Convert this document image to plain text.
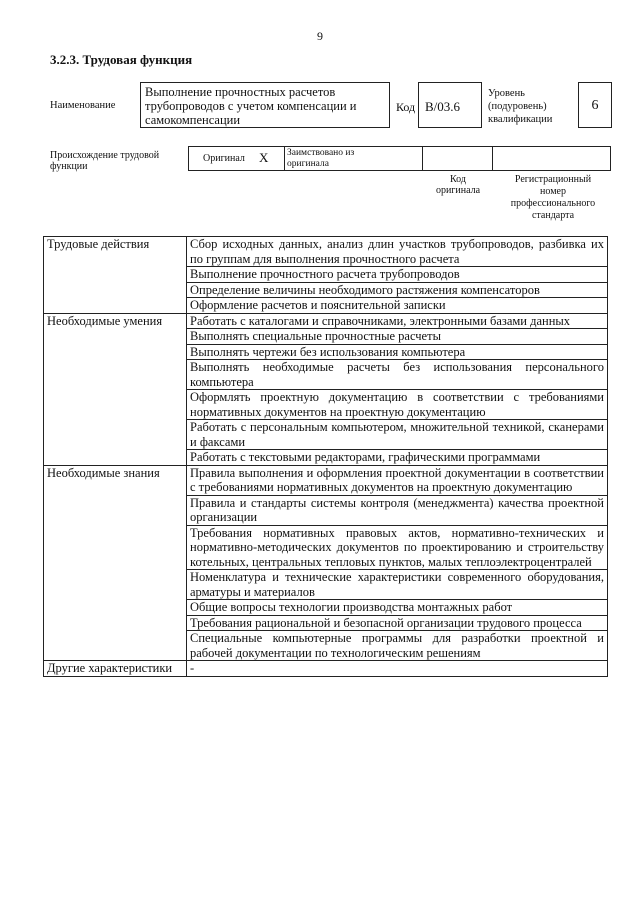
9
3.2.3. Трудовая функция
Наименование
Выполнение прочностных расчетов трубопроводов с учетом компенсации и самокомпенсации
Код B/03.6
Уровень
(подуровень)
квалификации
6
Происхождение трудовой
функции
Оригинал X Заимствовано из
оригинала
Код
оригинала
Регистрационный
номер
профессионального
стандарта
Трудовые действия	Сбор исходных данных, анализ длин участков трубопроводов, разбивка их по группам для выполнения прочностного расчета
	Выполнение прочностного расчета трубопроводов
	Определение величины необходимого растяжения компенсаторов
	Оформление расчетов и пояснительной записки
Необходимые умения	Работать с каталогами и справочниками, электронными базами данных
	Выполнять специальные прочностные расчеты
	Выполнять чертежи без использования компьютера
	Выполнять необходимые расчеты без использования персонального компьютера
	Оформлять проектную документацию в соответствии с требованиями нормативных документов на проектную документацию
	Работать с персональным компьютером, множительной техникой, сканерами и факсами
	Работать с текстовыми редакторами, графическими программами
Необходимые знания	Правила выполнения и оформления проектной документации в соответствии с требованиями нормативных документов на проектную документацию
	Правила и стандарты системы контроля (менеджмента) качества проектной организации
	Требования нормативных правовых актов, нормативно-технических и нормативно-методических документов по проектированию и строительству котельных, центральных тепловых пунктов, малых теплоэлектроцентралей
	Номенклатура и технические характеристики современного оборудования, арматуры и материалов
	Общие вопросы технологии производства монтажных работ
	Требования рациональной и безопасной организации трудового процесса
	Специальные компьютерные программы для разработки проектной и рабочей документации по технологическим решениям
Другие характеристики	-
